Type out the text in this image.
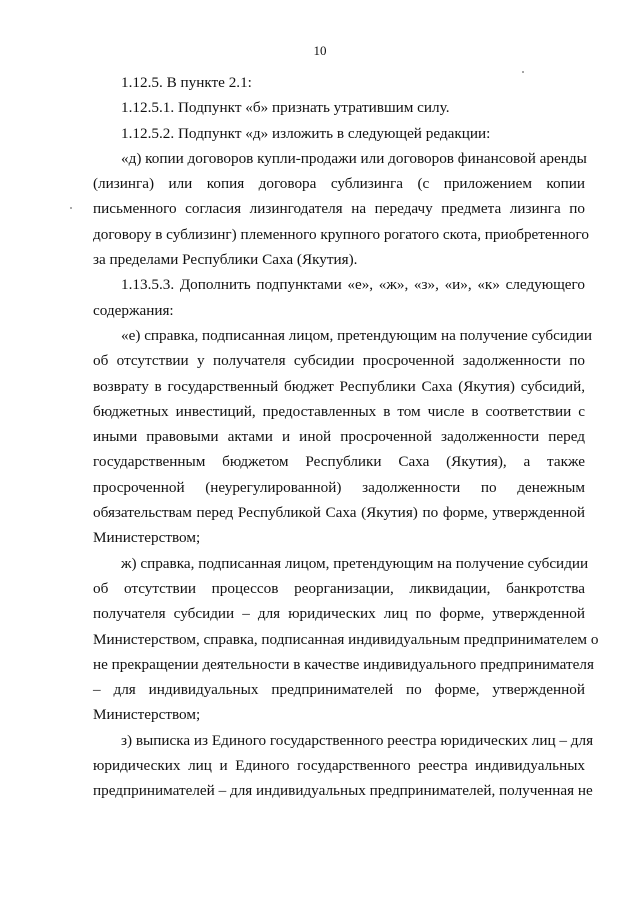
10
1.12.5. В пункте 2.1:
1.12.5.1. Подпункт «б» признать утратившим силу.
1.12.5.2. Подпункт «д» изложить в следующей редакции:
«д) копии договоров купли-продажи или договоров финансовой аренды
(лизинга) или копия договора сублизинга (с приложением копии
письменного согласия лизингодателя на передачу предмета лизинга по
договору в сублизинг) племенного крупного рогатого скота, приобретенного
за пределами Республики Саха (Якутия).
1.13.5.3. Дополнить подпунктами «е», «ж», «з», «и», «к» следующего
содержания:
«е) справка, подписанная лицом, претендующим на получение субсидии
об отсутствии у получателя субсидии просроченной задолженности по
возврату в государственный бюджет Республики Саха (Якутия) субсидий,
бюджетных инвестиций, предоставленных в том числе в соответствии с
иными правовыми актами и иной просроченной задолженности перед
государственным бюджетом Республики Саха (Якутия), а также
просроченной (неурегулированной) задолженности по денежным
обязательствам перед Республикой Саха (Якутия) по форме, утвержденной
Министерством;
ж) справка, подписанная лицом, претендующим на получение субсидии
об отсутствии процессов реорганизации, ликвидации, банкротства
получателя субсидии – для юридических лиц по форме, утвержденной
Министерством, справка, подписанная индивидуальным предпринимателем о
не прекращении деятельности в качестве индивидуального предпринимателя
– для индивидуальных предпринимателей по форме, утвержденной
Министерством;
з) выписка из Единого государственного реестра юридических лиц – для
юридических лиц и Единого государственного реестра индивидуальных
предпринимателей – для индивидуальных предпринимателей, полученная не
